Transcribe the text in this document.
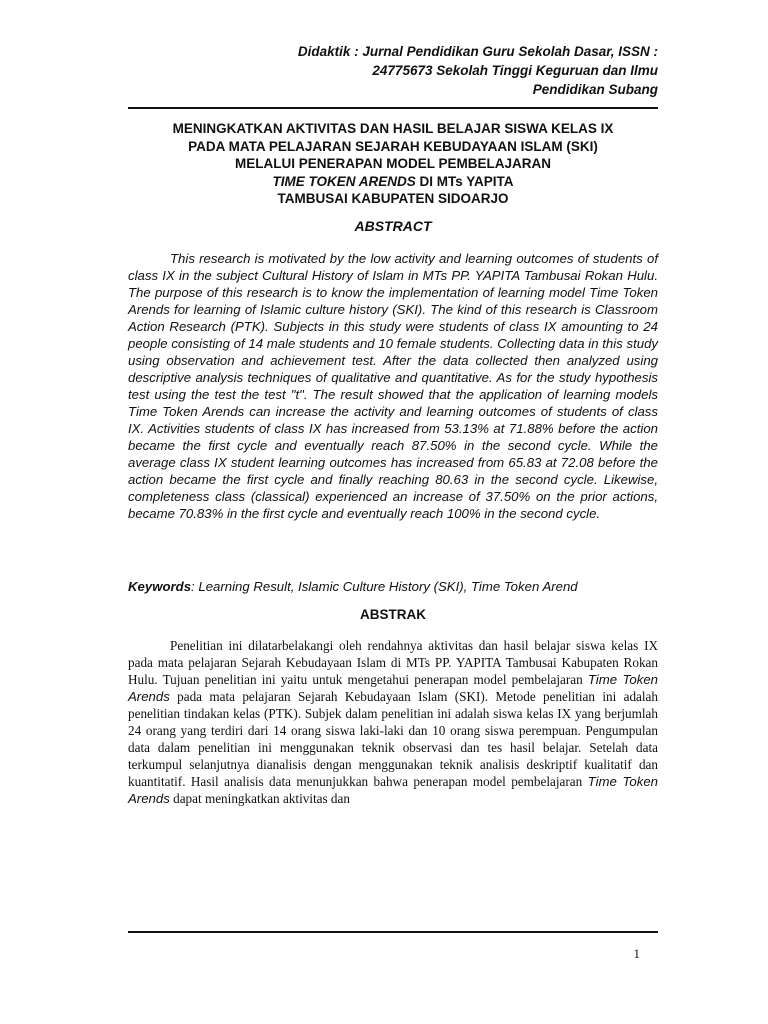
Didaktik : Jurnal Pendidikan Guru Sekolah Dasar, ISSN :
24775673 Sekolah Tinggi Keguruan dan Ilmu
Pendidikan Subang
MENINGKATKAN AKTIVITAS DAN HASIL BELAJAR SISWA KELAS IX
PADA MATA PELAJARAN SEJARAH KEBUDAYAAN ISLAM (SKI)
MELALUI PENERAPAN MODEL PEMBELAJARAN
TIME TOKEN ARENDS DI MTs YAPITA
TAMBUSAI KABUPATEN SIDOARJO
ABSTRACT

This research is motivated by the low activity and learning outcomes of students of class IX in the subject Cultural History of Islam in MTs PP. YAPITA Tambusai Rokan Hulu. The purpose of this research is to know the implementation of learning model Time Token Arends for learning of Islamic culture history (SKI). The kind of this research is Classroom Action Research (PTK). Subjects in this study were students of class IX amounting to 24 people consisting of 14 male students and 10 female students. Collecting data in this study using observation and achievement test. After the data collected then analyzed using descriptive analysis techniques of qualitative and quantitative. As for the study hypothesis test using the test the test "t". The result showed that the application of learning models Time Token Arends can increase the activity and learning outcomes of students of class IX. Activities students of class IX has increased from 53.13% at 71.88% before the action became the first cycle and eventually reach 87.50% in the second cycle. While the average class IX student learning outcomes has increased from 65.83 at 72.08 before the action became the first cycle and finally reaching 80.63 in the second cycle. Likewise, completeness class (classical) experienced an increase of 37.50% on the prior actions, became 70.83% in the first cycle and eventually reach 100% in the second cycle.

Keywords: Learning Result, Islamic Culture History (SKI), Time Token Arend
ABSTRAK

Penelitian ini dilatarbelakangi oleh rendahnya aktivitas dan hasil belajar siswa kelas IX pada mata pelajaran Sejarah Kebudayaan Islam di MTs PP. YAPITA Tambusai Kabupaten Rokan Hulu. Tujuan penelitian ini yaitu untuk mengetahui penerapan model pembelajaran Time Token Arends pada mata pelajaran Sejarah Kebudayaan Islam (SKI). Metode penelitian ini adalah penelitian tindakan kelas (PTK). Subjek dalam penelitian ini adalah siswa kelas IX yang berjumlah 24 orang yang terdiri dari 14 orang siswa laki-laki dan 10 orang siswa perempuan. Pengumpulan data dalam penelitian ini menggunakan teknik observasi dan tes hasil belajar. Setelah data terkumpul selanjutnya dianalisis dengan menggunakan teknik analisis deskriptif kualitatif dan kuantitatif. Hasil analisis data menunjukkan bahwa penerapan model pembelajaran Time Token Arends dapat meningkatkan aktivitas dan

1
